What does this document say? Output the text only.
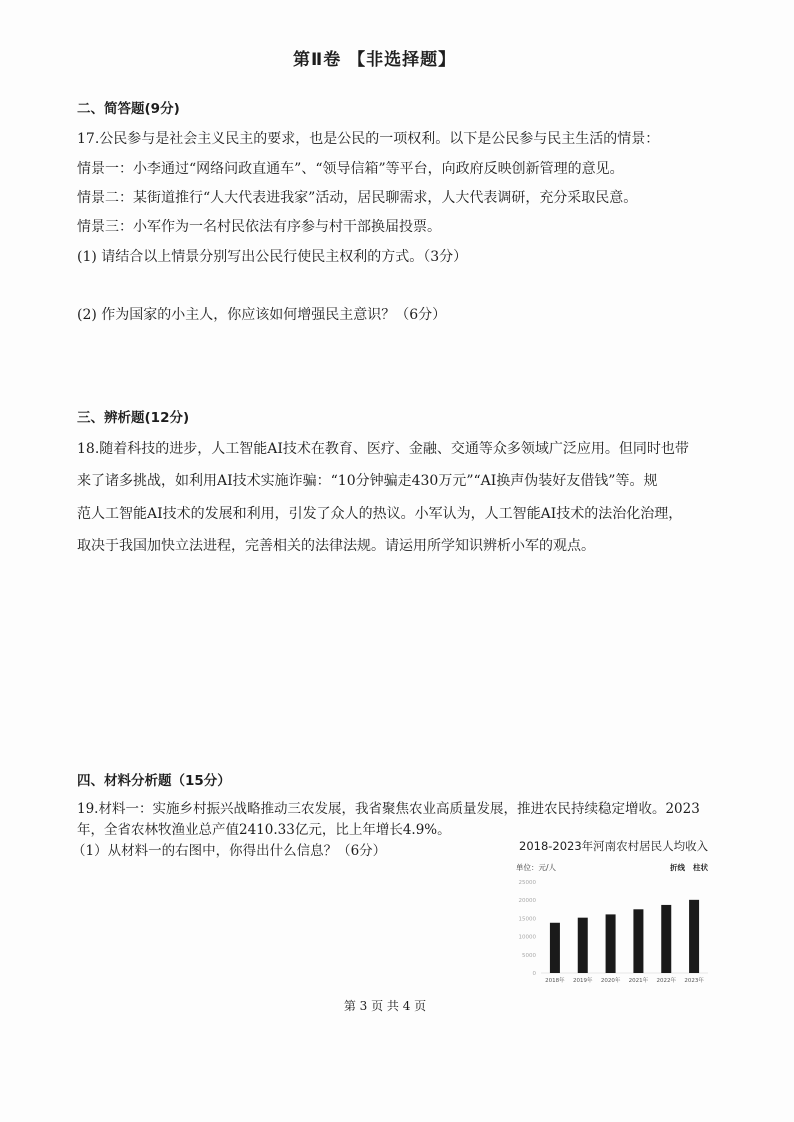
第Ⅱ卷 【非选择题】
二、简答题(9分)
17.公民参与是社会主义民主的要求，也是公民的一项权利。以下是公民参与民主生活的情景：
情景一：小李通过“网络问政直通车”、“领导信箱”等平台，向政府反映创新管理的意见。
情景二：某街道推行“人大代表进我家”活动，居民聊需求，人大代表调研，充分采取民意。
情景三：小军作为一名村民依法有序参与村干部换届投票。
(1) 请结合以上情景分别写出公民行使民主权利的方式。（3分）
(2) 作为国家的小主人，你应该如何增强民主意识？（6分）
三、辨析题(12分)
18.随着科技的进步，人工智能AI技术在教育、医疗、金融、交通等众多领域广泛应用。但同时也带
来了诸多挑战，如利用AI技术实施诈骗：“10分钟骗走430万元”“AI换声伪装好友借钱”等。规
范人工智能AI技术的发展和利用，引发了众人的热议。小军认为，人工智能AI技术的法治化治理，
取决于我国加快立法进程，完善相关的法律法规。请运用所学知识辨析小军的观点。
四、材料分析题（15分）
19.材料一：实施乡村振兴战略推动三农发展，我省聚焦农业高质量发展，推进农民持续稳定增收。2023
年，全省农林牧渔业总产值2410.33亿元，比上年增长4.9%。
（1）从材料一的右图中，你得出什么信息？（6分）	2018-2023年河南农村居民人均收入
单位：元/人	折线 柱状
25000
20000
15000
10000
5000
0
2018年 2019年 2020年 2021年 2022年 2023年
第 3 页 共 4 页
